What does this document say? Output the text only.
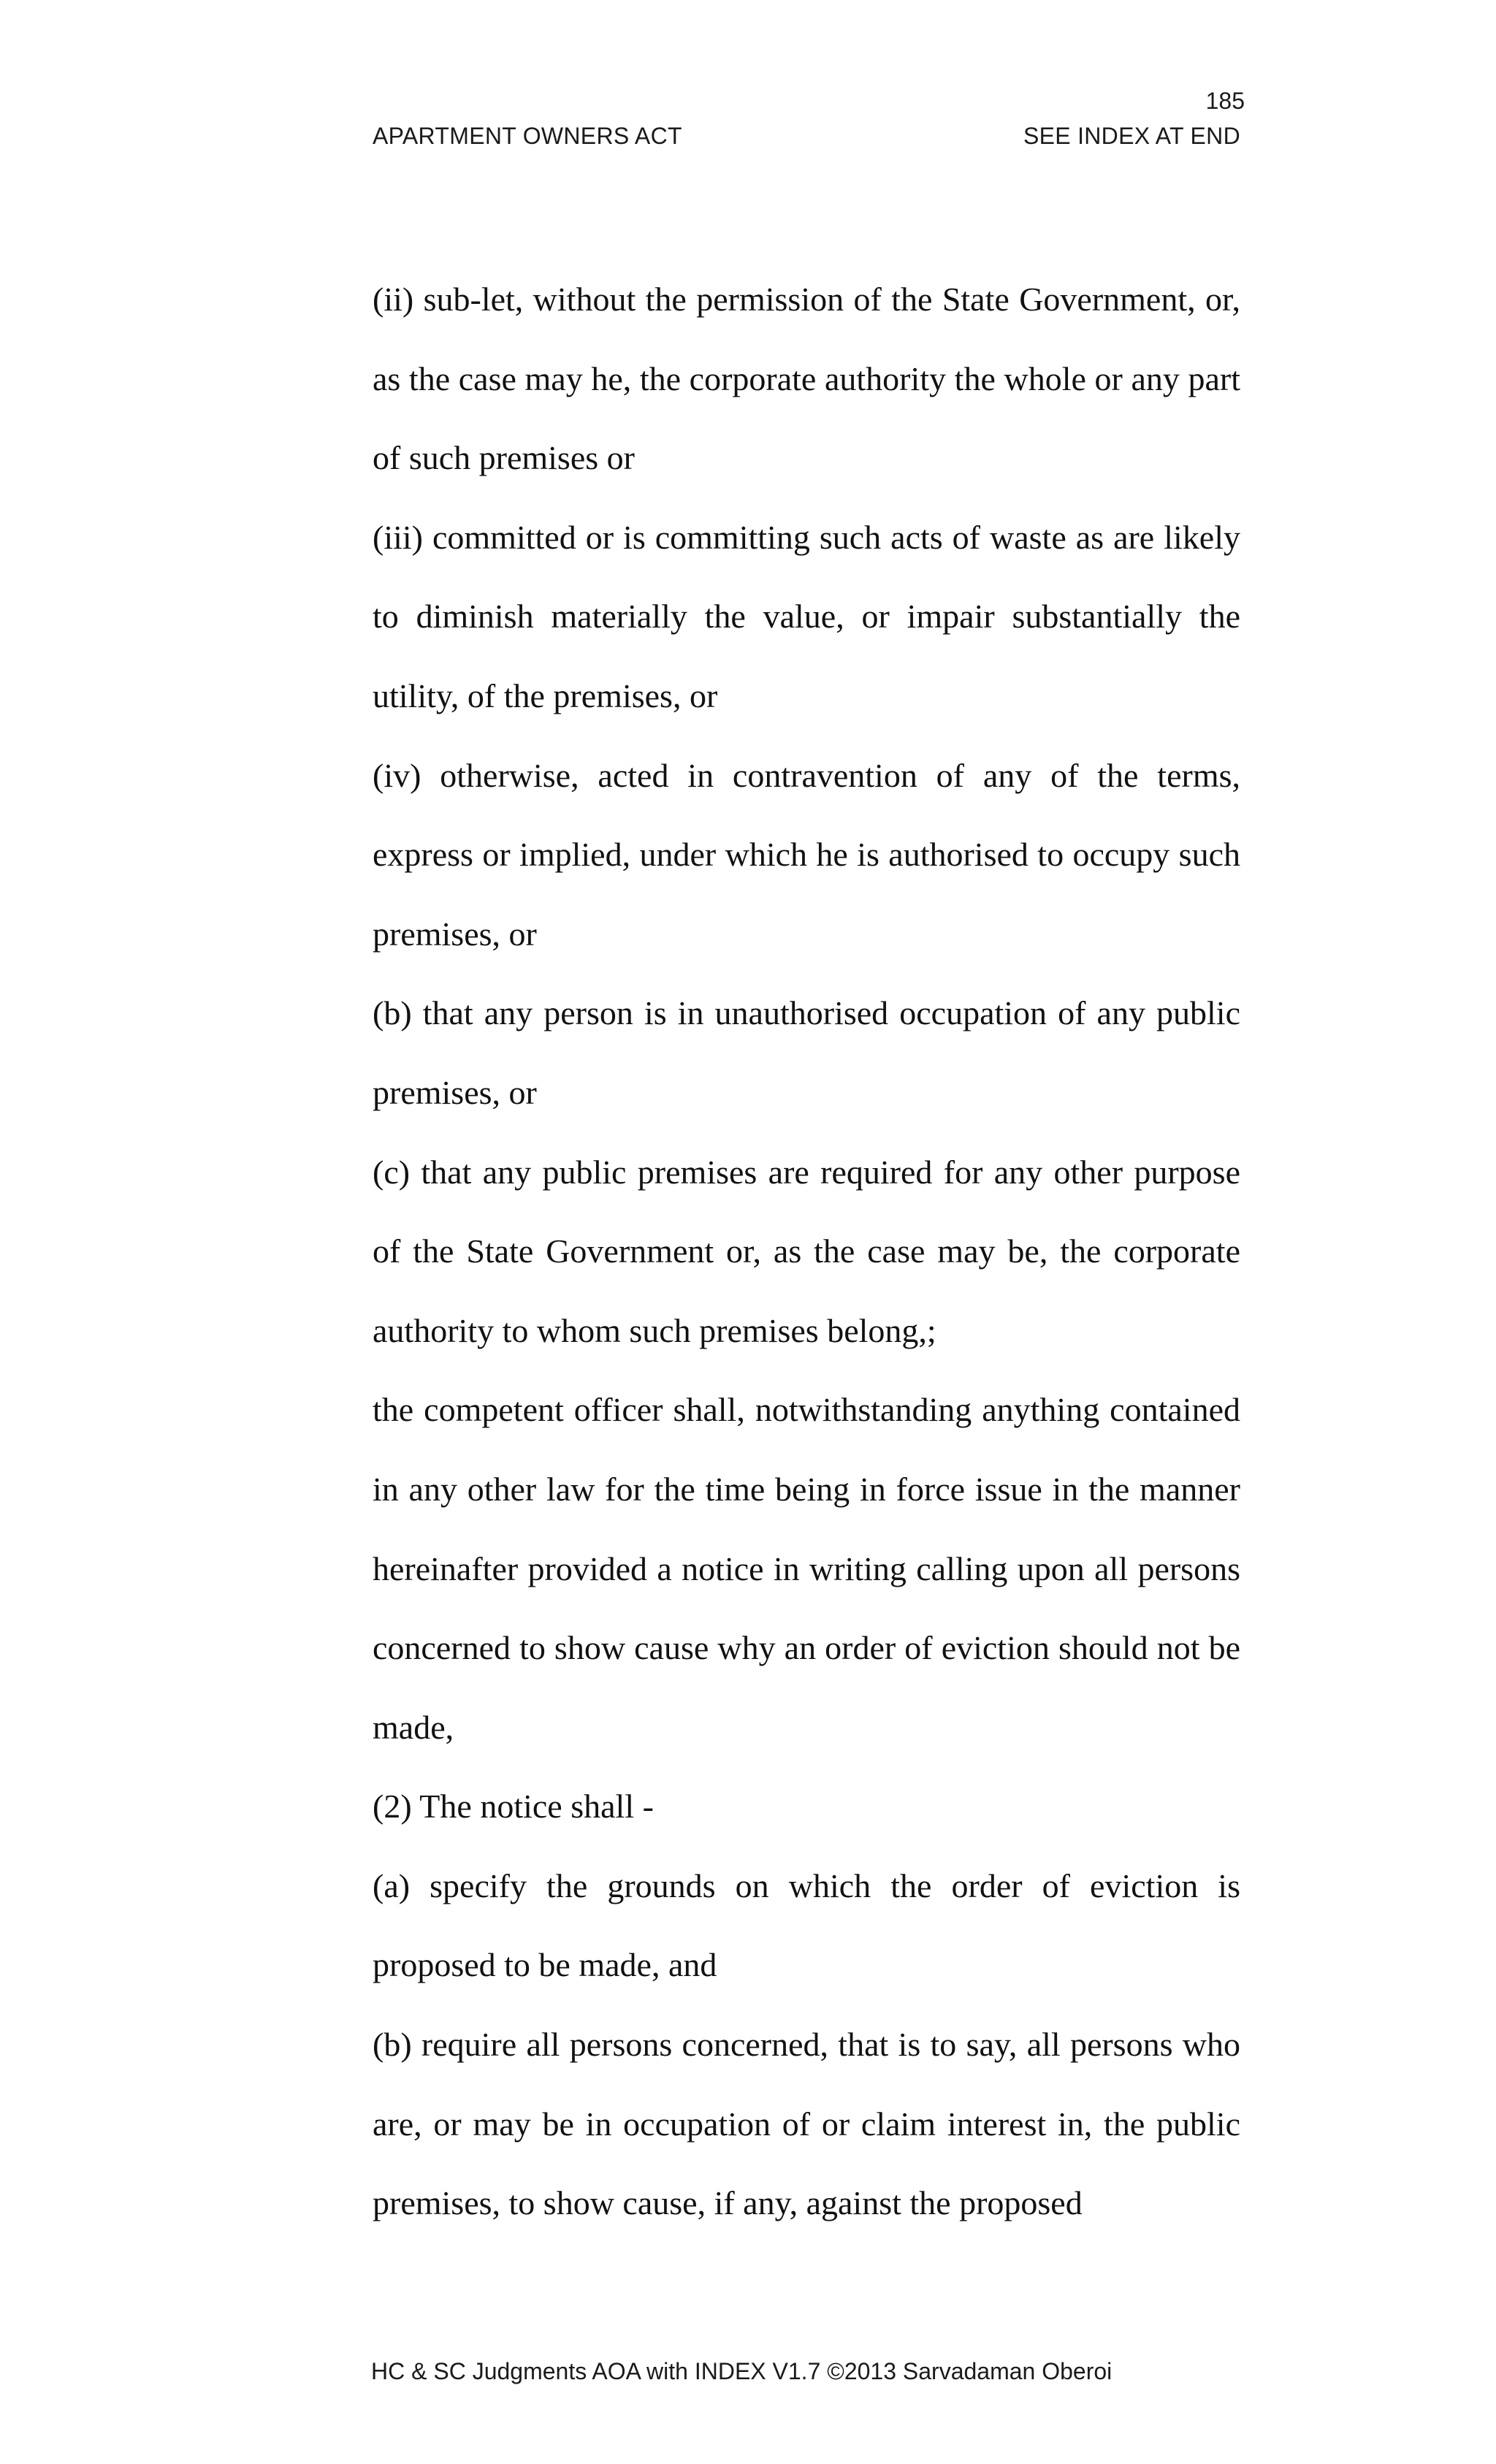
185
APARTMENT OWNERS ACT	SEE INDEX AT END

(ii) sub-let, without the permission of the State Government, or, as the case may he, the corporate authority the whole or any part of such premises or

(iii) committed or is committing such acts of waste as are likely to diminish materially the value, or impair substantially the utility, of the premises, or

(iv) otherwise, acted in contravention of any of the terms, express or implied, under which he is authorised to occupy such premises, or

(b) that any person is in unauthorised occupation of any public premises, or

(c) that any public premises are required for any other purpose of the State Government or, as the case may be, the corporate authority to whom such premises belong,;

the competent officer shall, notwithstanding anything contained in any other law for the time being in force issue in the manner hereinafter provided a notice in writing calling upon all persons concerned to show cause why an order of eviction should not be made,

(2) The notice shall -

(a) specify the grounds on which the order of eviction is proposed to be made, and

(b) require all persons concerned, that is to say, all persons who are, or may be in occupation of or claim interest in, the public premises, to show cause, if any, against the proposed

HC & SC Judgments AOA with INDEX V1.7 ©2013 Sarvadaman Oberoi
